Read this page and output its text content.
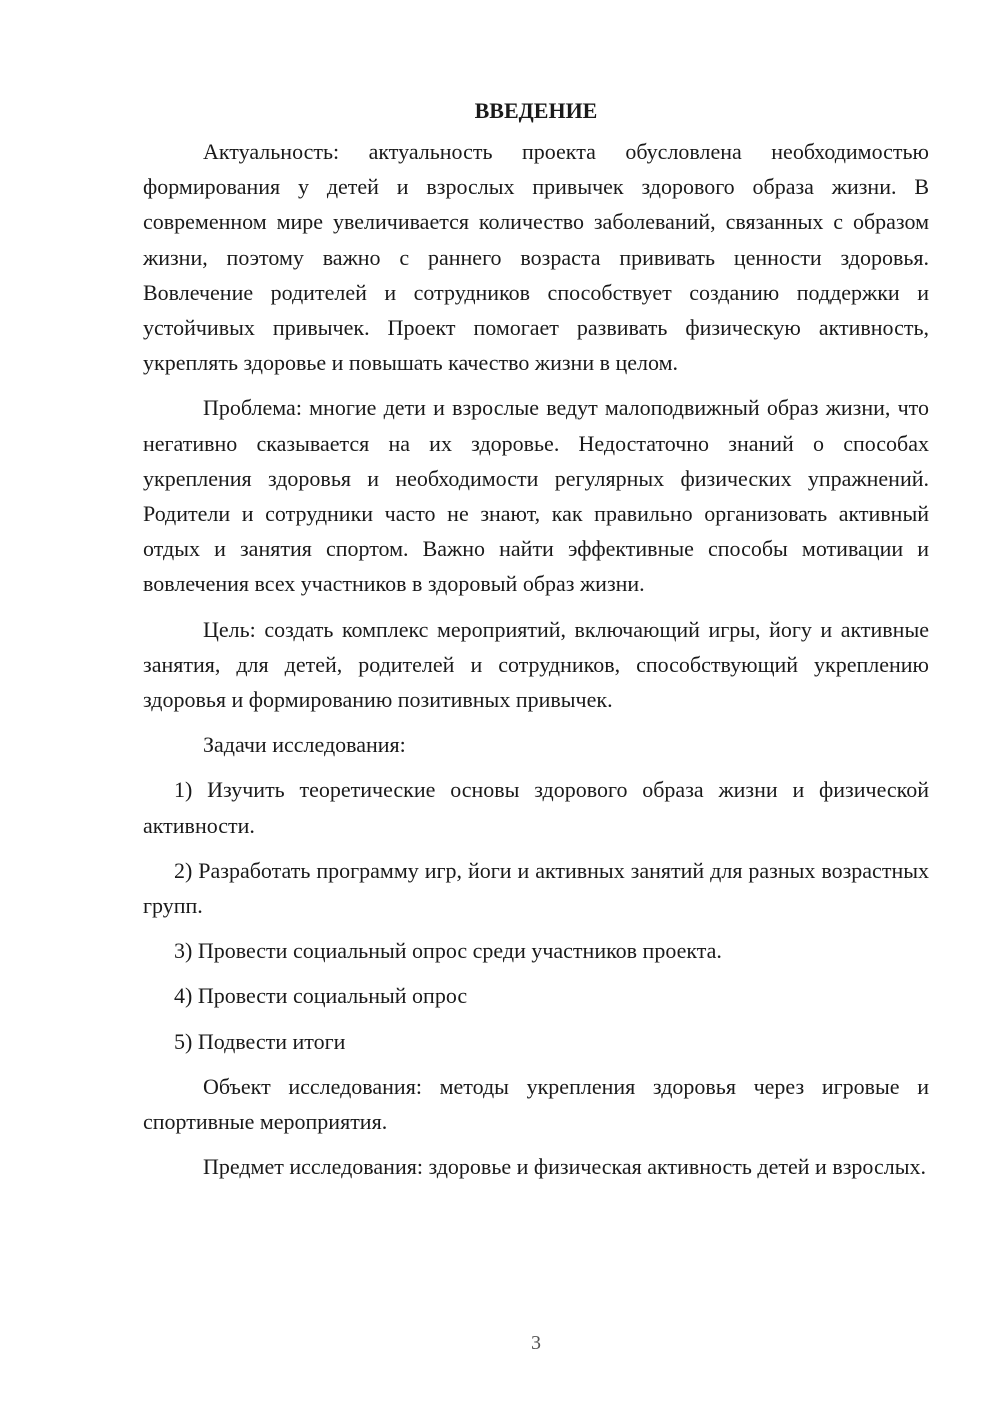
ВВЕДЕНИЕ

Актуальность: актуальность проекта обусловлена необходимостью формирования у детей и взрослых привычек здорового образа жизни. В современном мире увеличивается количество заболеваний, связанных с образом жизни, поэтому важно с раннего возраста прививать ценности здоровья. Вовлечение родителей и сотрудников способствует созданию поддержки и устойчивых привычек. Проект помогает развивать физическую активность, укреплять здоровье и повышать качество жизни в целом.

Проблема: многие дети и взрослые ведут малоподвижный образ жизни, что негативно сказывается на их здоровье. Недостаточно знаний о способах укрепления здоровья и необходимости регулярных физических упражнений. Родители и сотрудники часто не знают, как правильно организовать активный отдых и занятия спортом. Важно найти эффективные способы мотивации и вовлечения всех участников в здоровый образ жизни.

Цель: создать комплекс мероприятий, включающий игры, йогу и активные занятия, для детей, родителей и сотрудников, способствующий укреплению здоровья и формированию позитивных привычек.

Задачи исследования:

1) Изучить теоретические основы здорового образа жизни и физической активности.

2) Разработать программу игр, йоги и активных занятий для разных возрастных групп.

3) Провести социальный опрос среди участников проекта.

4) Провести социальный опрос

5) Подвести итоги

Объект исследования: методы укрепления здоровья через игровые и спортивные мероприятия.

Предмет исследования: здоровье и физическая активность детей и взрослых.

3
